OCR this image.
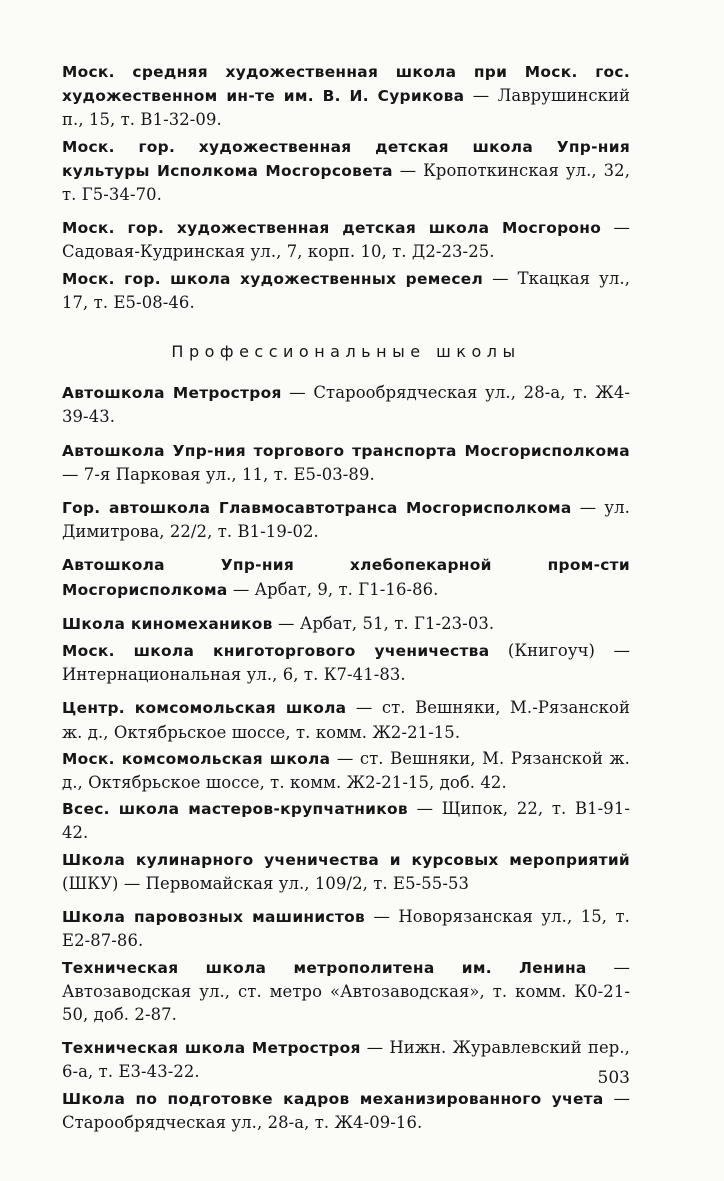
Моск. средняя художественная школа при Моск. гос. художественном ин-те им. В. И. Сурикова — Лаврушинский п., 15, т. В1-32-09.

Моск. гор. художественная детская школа Упр-ния культуры Исполкома Мосгорсовета — Кропоткинская ул., 32, т. Г5-34-70.

Моск. гор. художественная детская школа Мосгороно — Садовая-Кудринская ул., 7, корп. 10, т. Д2-23-25.

Моск. гор. школа художественных ремесел — Ткацкая ул., 17, т. Е5-08-46.

Профессиональные школы

Автошкола Метростроя — Старообрядческая ул., 28-а, т. Ж4-39-43.

Автошкола Упр-ния торгового транспорта Мосгорисполкома — 7-я Парковая ул., 11, т. Е5-03-89.

Гор. автошкола Главмосавтотранса Мосгорисполкома — ул. Димитрова, 22/2, т. В1-19-02.

Автошкола Упр-ния хлебопекарной пром-сти Мосгорисполкома — Арбат, 9, т. Г1-16-86.

Школа киномехаников — Арбат, 51, т. Г1-23-03.

Моск. школа книготоргового ученичества (Книгоуч) — Интернациональная ул., 6, т. К7-41-83.

Центр. комсомольская школа — ст. Вешняки, М.-Рязанской ж. д., Октябрьское шоссе, т. комм. Ж2-21-15.

Моск. комсомольская школа — ст. Вешняки, М. Рязанской ж. д., Октябрьское шоссе, т. комм. Ж2-21-15, доб. 42.

Всес. школа мастеров-крупчатников — Щипок, 22, т. В1-91-42.

Школа кулинарного ученичества и курсовых мероприятий (ШКУ) — Первомайская ул., 109/2, т. Е5-55-53

Школа паровозных машинистов — Новорязанская ул., 15, т. Е2-87-86.

Техническая школа метрополитена им. Ленина — Автозаводская ул., ст. метро «Автозаводская», т. комм. К0-21-50, доб. 2-87.

Техническая школа Метростроя — Нижн. Журавлевский пер., 6-а, т. Е3-43-22.

Школа по подготовке кадров механизированного учета — Старообрядческая ул., 28-а, т. Ж4-09-16.

503
